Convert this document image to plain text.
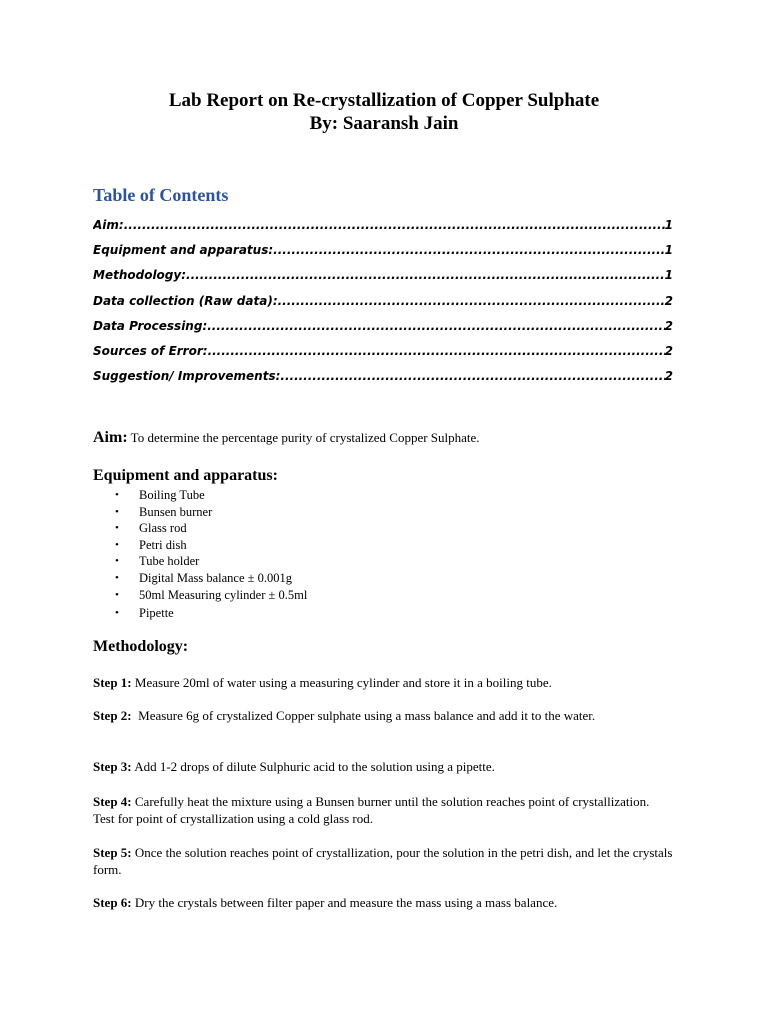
Lab Report on Re-crystallization of Copper Sulphate
By: Saaransh Jain
Table of Contents
Aim: .....	1
Equipment and apparatus: .....	1
Methodology: .....	1
Data collection (Raw data): .....	2
Data Processing: .....	2
Sources of Error: .....	2
Suggestion/ Improvements: .....	2
Aim: To determine the percentage purity of crystalized Copper Sulphate.
Equipment and apparatus:
• Boiling Tube
• Bunsen burner
• Glass rod
• Petri dish
• Tube holder
• Digital Mass balance ± 0.001g
• 50ml Measuring cylinder ± 0.5ml
• Pipette
Methodology:
Step 1: Measure 20ml of water using a measuring cylinder and store it in a boiling tube.
Step 2: Measure 6g of crystalized Copper sulphate using a mass balance and add it to the water.
Step 3: Add 1-2 drops of dilute Sulphuric acid to the solution using a pipette.
Step 4: Carefully heat the mixture using a Bunsen burner until the solution reaches point of crystallization. Test for point of crystallization using a cold glass rod.
Step 5: Once the solution reaches point of crystallization, pour the solution in the petri dish, and let the crystals form.
Step 6: Dry the crystals between filter paper and measure the mass using a mass balance.
